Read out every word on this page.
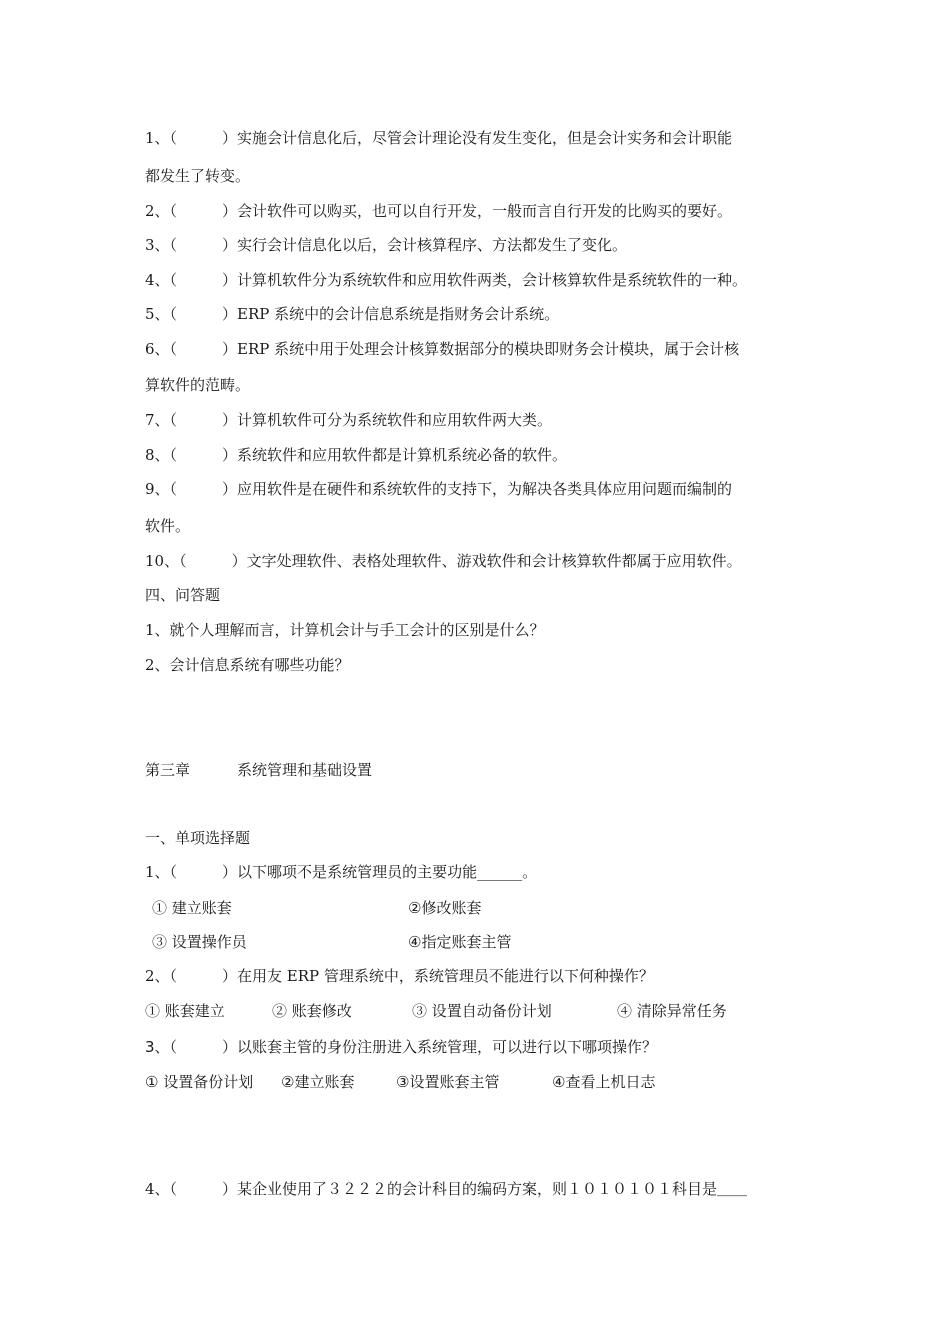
1、（　　　）实施会计信息化后，尽管会计理论没有发生变化，但是会计实务和会计职能
都发生了转变。
2、（　　　）会计软件可以购买，也可以自行开发，一般而言自行开发的比购买的要好。
3、（　　　）实行会计信息化以后，会计核算程序、方法都发生了变化。
4、（　　　）计算机软件分为系统软件和应用软件两类，会计核算软件是系统软件的一种。
5、（　　　）ERP 系统中的会计信息系统是指财务会计系统。
6、（　　　）ERP 系统中用于处理会计核算数据部分的模块即财务会计模块，属于会计核
算软件的范畴。
7、（　　　）计算机软件可分为系统软件和应用软件两大类。
8、（　　　）系统软件和应用软件都是计算机系统必备的软件。
9、（　　　）应用软件是在硬件和系统软件的支持下，为解决各类具体应用问题而编制的
软件。
10、（　　　）文字处理软件、表格处理软件、游戏软件和会计核算软件都属于应用软件。
四、问答题
1、就个人理解而言，计算机会计与手工会计的区别是什么？
2、会计信息系统有哪些功能？
第三章	系统管理和基础设置
一、单项选择题
1、（　　　）以下哪项不是系统管理员的主要功能______。
① 建立账套	②修改账套
③ 设置操作员	④指定账套主管
2、（　　　）在用友 ERP 管理系统中，系统管理员不能进行以下何种操作？
① 账套建立	② 账套修改	③ 设置自动备份计划	④ 清除异常任务
3、（　　　）以账套主管的身份注册进入系统管理，可以进行以下哪项操作？
① 设置备份计划 ②建立账套	③设置账套主管	④查看上机日志
4、（　　　）某企业使用了３２２２的会计科目的编码方案，则１０１０１０１科目是＿＿
